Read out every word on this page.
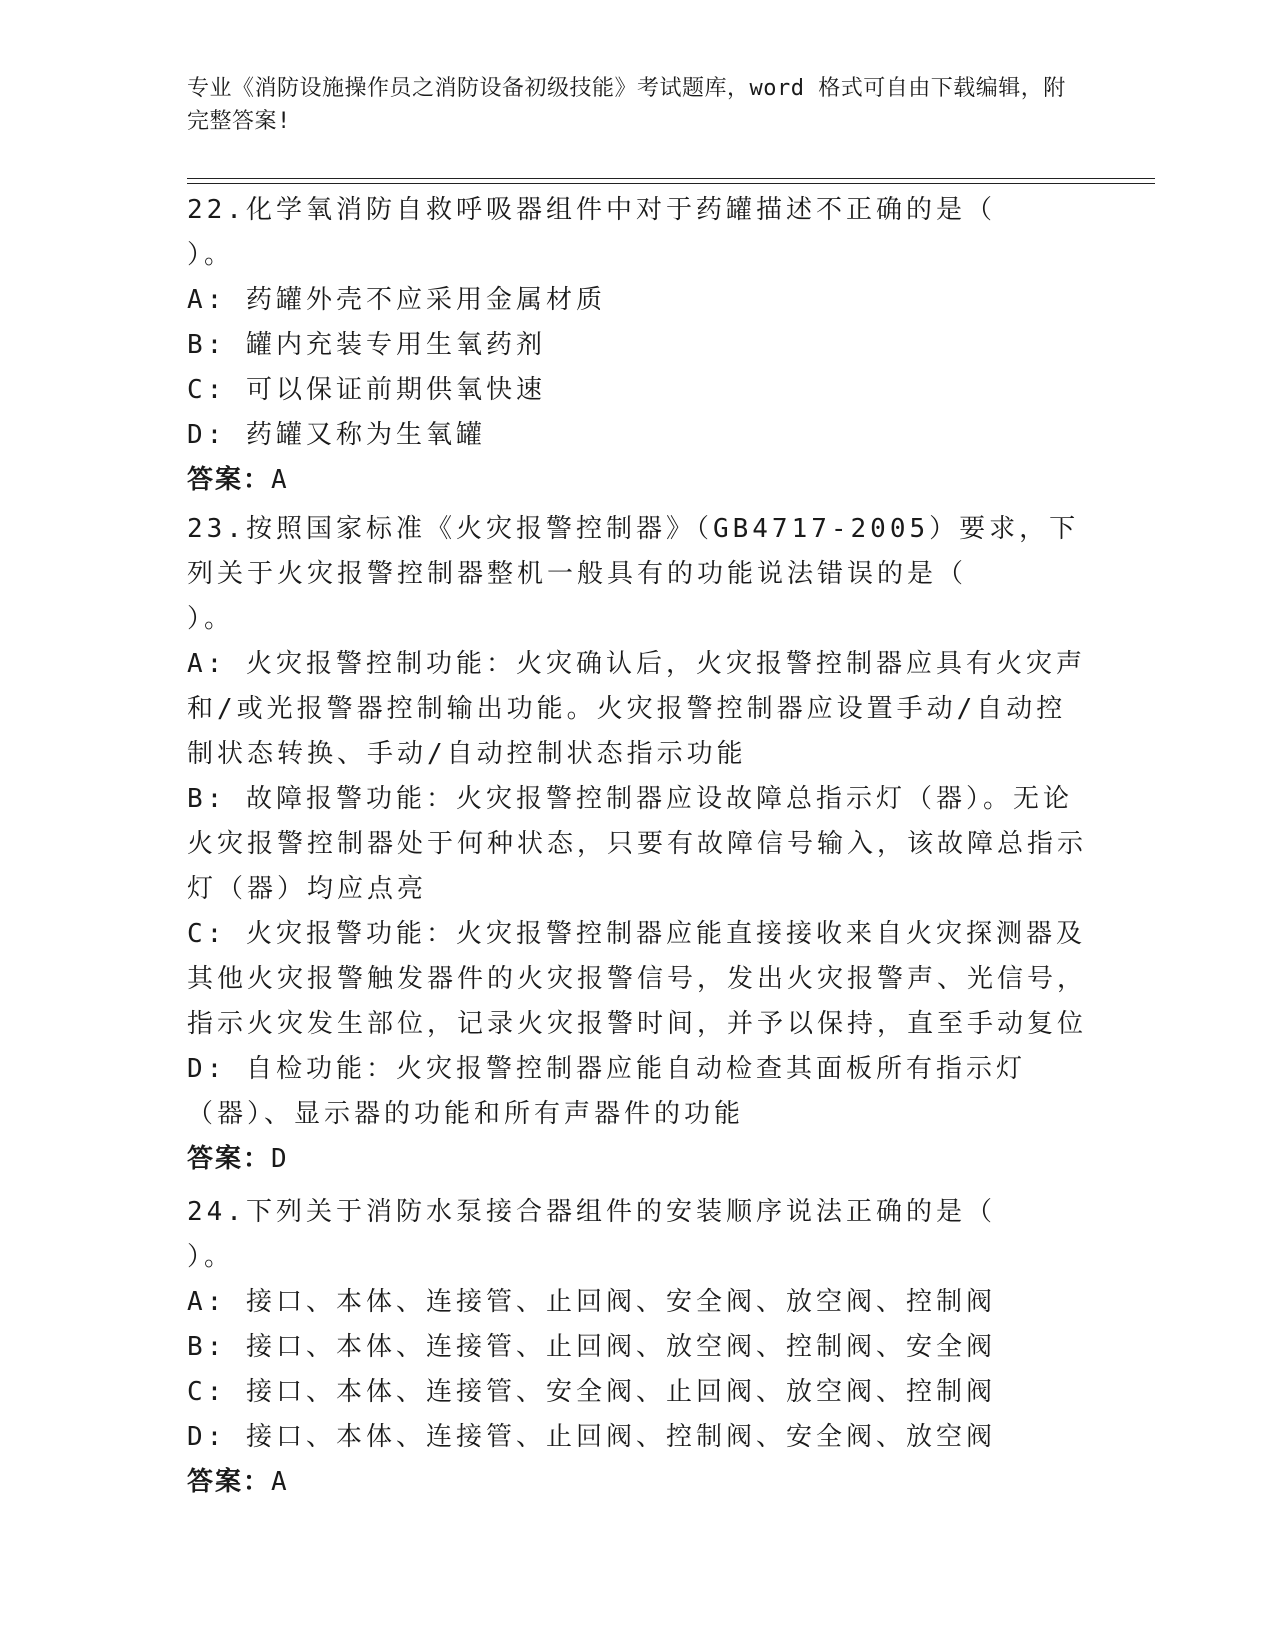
专业《消防设施操作员之消防设备初级技能》考试题库，word 格式可自由下载编辑，附完整答案!
22.化学氧消防自救呼吸器组件中对于药罐描述不正确的是（    ）。
A: 药罐外壳不应采用金属材质
B: 罐内充装专用生氧药剂
C: 可以保证前期供氧快速
D: 药罐又称为生氧罐
答案：A
23.按照国家标准《火灾报警控制器》（GB4717-2005）要求，下列关于火灾报警控制器整机一般具有的功能说法错误的是（    ）。
A: 火灾报警控制功能：火灾确认后，火灾报警控制器应具有火灾声和/或光报警器控制输出功能。火灾报警控制器应设置手动/自动控制状态转换、手动/自动控制状态指示功能
B: 故障报警功能：火灾报警控制器应设故障总指示灯（器）。无论火灾报警控制器处于何种状态，只要有故障信号输入，该故障总指示灯（器）均应点亮
C: 火灾报警功能：火灾报警控制器应能直接接收来自火灾探测器及其他火灾报警触发器件的火灾报警信号，发出火灾报警声、光信号，指示火灾发生部位，记录火灾报警时间，并予以保持，直至手动复位
D: 自检功能：火灾报警控制器应能自动检查其面板所有指示灯（器）、显示器的功能和所有声器件的功能
答案：D
24.下列关于消防水泵接合器组件的安装顺序说法正确的是（    ）。
A: 接口、本体、连接管、止回阀、安全阀、放空阀、控制阀
B: 接口、本体、连接管、止回阀、放空阀、控制阀、安全阀
C: 接口、本体、连接管、安全阀、止回阀、放空阀、控制阀
D: 接口、本体、连接管、止回阀、控制阀、安全阀、放空阀
答案：A
